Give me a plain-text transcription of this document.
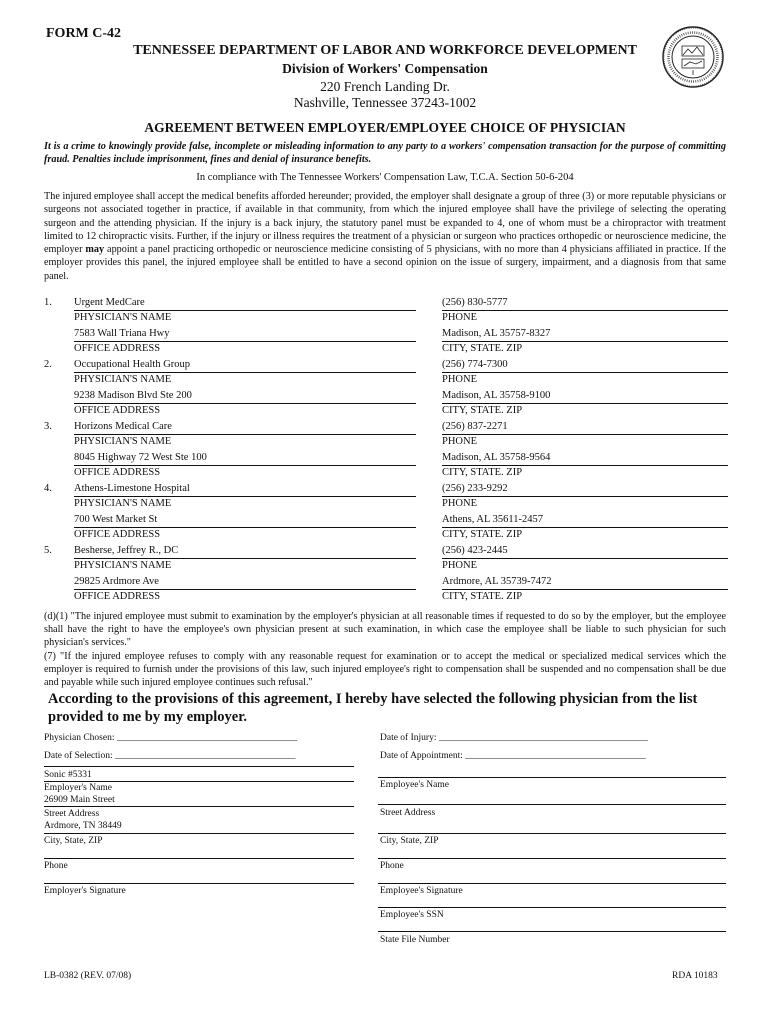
FORM C-42
TENNESSEE DEPARTMENT OF LABOR AND WORKFORCE DEVELOPMENT
Division of Workers' Compensation
220 French Landing Dr.
Nashville, Tennessee 37243-1002
AGREEMENT BETWEEN EMPLOYER/EMPLOYEE CHOICE OF PHYSICIAN
It is a crime to knowingly provide false, incomplete or misleading information to any party to a workers' compensation transaction for the purpose of committing fraud. Penalties include imprisonment, fines and denial of insurance benefits.
In compliance with The Tennessee Workers' Compensation Law, T.C.A. Section 50-6-204
The injured employee shall accept the medical benefits afforded hereunder; provided, the employer shall designate a group of three (3) or more reputable physicians or surgeons not associated together in practice, if available in that community, from which the injured employee shall have the privilege of selecting the operating surgeon and the attending physician. If the injury is a back injury, the statutory panel must be expanded to 4, one of whom must be a chiropractor with treatment limited to 12 chiropractic visits. Further, if the injury or illness requires the treatment of a physician or surgeon who practices orthopedic or neuroscience medicine, the employer may appoint a panel practicing orthopedic or neuroscience medicine consisting of 5 physicians, with no more than 4 physicians affiliated in practice. If the employer provides this panel, the injured employee shall be entitled to have a second opinion on the issue of surgery, impairment, and a diagnosis from that same panel.
1. Urgent MedCare	(256) 830-5777
PHYSICIAN'S NAME	PHONE
7583 Wall Triana Hwy	Madison, AL 35757-8327
OFFICE ADDRESS	CITY, STATE. ZIP
2. Occupational Health Group	(256) 774-7300
PHYSICIAN'S NAME	PHONE
9238 Madison Blvd Ste 200	Madison, AL 35758-9100
OFFICE ADDRESS	CITY, STATE. ZIP
3. Horizons Medical Care	(256) 837-2271
PHYSICIAN'S NAME	PHONE
8045 Highway 72 West Ste 100	Madison, AL 35758-9564
OFFICE ADDRESS	CITY, STATE. ZIP
4. Athens-Limestone Hospital	(256) 233-9292
PHYSICIAN'S NAME	PHONE
700 West Market St	Athens, AL 35611-2457
OFFICE ADDRESS	CITY, STATE. ZIP
5. Besherse, Jeffrey R., DC	(256) 423-2445
PHYSICIAN'S NAME	PHONE
29825 Ardmore Ave	Ardmore, AL 35739-7472
OFFICE ADDRESS	CITY, STATE. ZIP
(d)(1) "The injured employee must submit to examination by the employer's physician at all reasonable times if requested to do so by the employer, but the employee shall have the right to have the employee's own physician present at such examination, in which case the employee shall be liable to such physician for such physician's services."
(7) "If the injured employee refuses to comply with any reasonable request for examination or to accept the medical or specialized medical services which the employer is required to furnish under the provisions of this law, such injured employee's right to compensation shall be suspended and no compensation shall be due and payable while such injured employee continues such refusal."
According to the provisions of this agreement, I hereby have selected the following physician from the list provided to me by my employer.
Physician Chosen: ______________________________________	Date of Injury: ____________________________________________
Date of Selection: ______________________________________	Date of Appointment: ______________________________________
Sonic #5331
Employer's Name
26909 Main Street
Street Address
Ardmore, TN 38449
City, State, ZIP
Phone
Employer's Signature
Employee's Name
Street Address
City, State, ZIP
Phone
Employee's Signature
Employee's SSN
State File Number
LB-0382 (REV. 07/08)	RDA 10183
